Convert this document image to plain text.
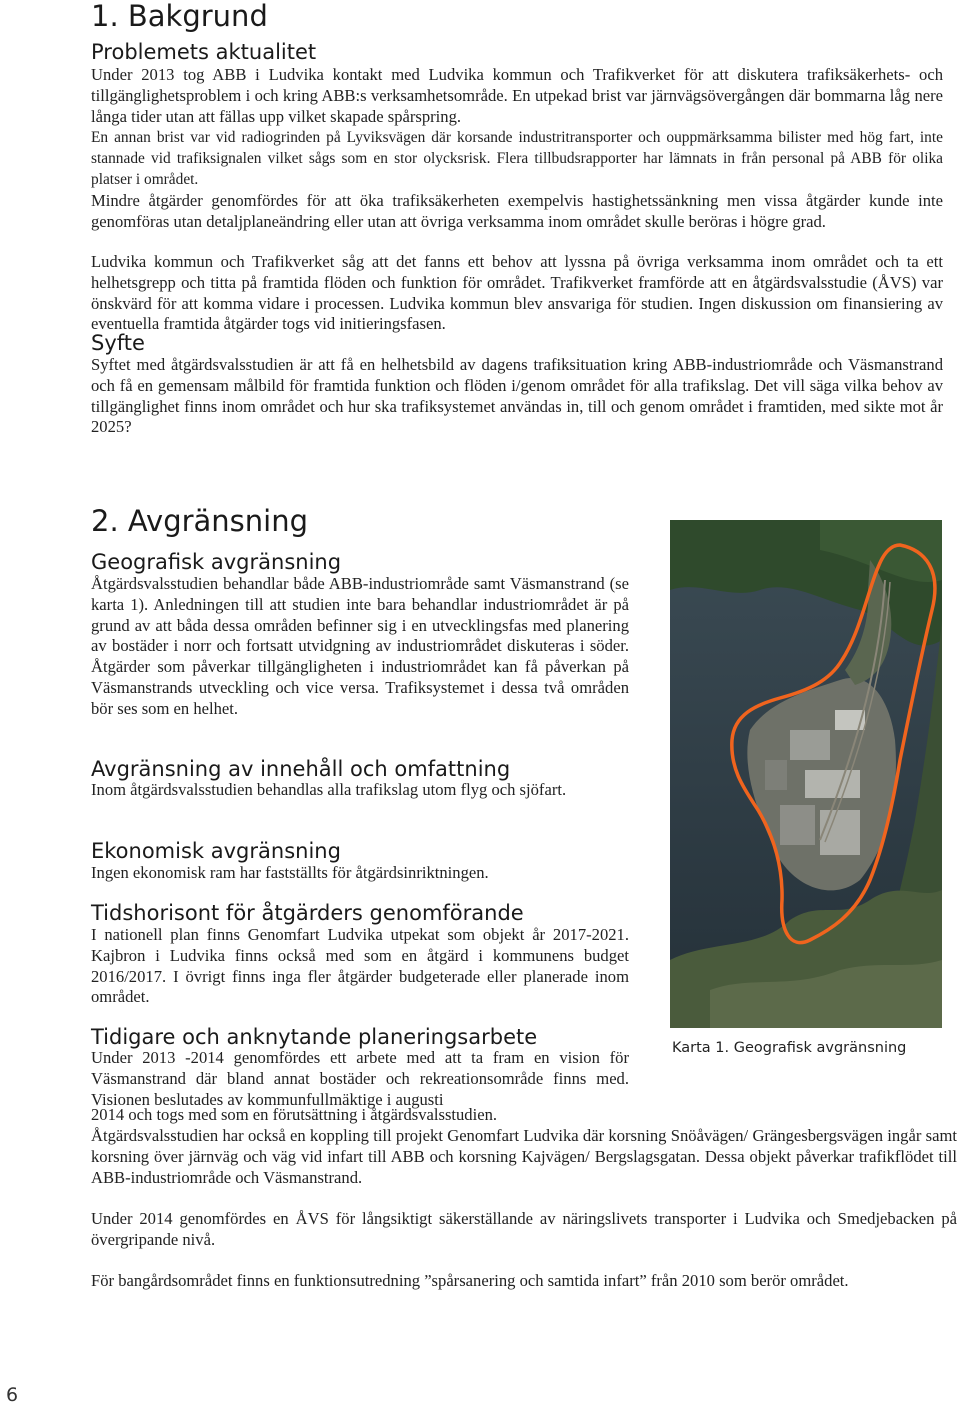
1. Bakgrund
Problemets aktualitet

Under 2013 tog ABB i Ludvika kontakt med Ludvika kommun och Trafikverket för att diskutera trafiksäkerhets- och tillgänglighetsproblem i och kring ABB:s verksamhetsområde. En utpekad brist var järnvägsövergången där bommarna låg nere långa tider utan att fällas upp vilket skapade spårspring.

En annan brist var vid radiogrinden på Lyviksvägen där korsande industritransporter och ouppmärksamma bilister med hög fart, inte stannade vid trafiksignalen vilket sågs som en stor olycksrisk. Flera tillbudsrapporter har lämnats in från personal på ABB för olika platser i området.

Mindre åtgärder genomfördes för att öka trafiksäkerheten exempelvis hastighetssänkning men vissa åtgärder kunde inte genomföras utan detaljplaneändring eller utan att övriga verksamma inom området skulle beröras i högre grad.

Ludvika kommun och Trafikverket såg att det fanns ett behov att lyssna på övriga verksamma inom området och ta ett helhetsgrepp och titta på framtida flöden och funktion för området. Trafikverket framförde att en åtgärdsvalsstudie (ÅVS) var önskvärd för att komma vidare i processen. Ludvika kommun blev ansvariga för studien. Ingen diskussion om finansiering av eventuella framtida åtgärder togs vid initieringsfasen.

Syfte

Syftet med åtgärdsvalsstudien är att få en helhetsbild av dagens trafiksituation kring ABB-industriområde och Väsmanstrand och få en gemensam målbild för framtida funktion och flöden i/genom området för alla trafikslag. Det vill säga vilka behov av tillgänglighet finns inom området och hur ska trafiksystemet användas in, till och genom området i framtiden, med sikte mot år 2025?

2. Avgränsning
Geografisk avgränsning

Åtgärdsvalsstudien behandlar både ABB-industriområde samt Väsmanstrand (se karta 1). Anledningen till att studien inte bara behandlar industriområdet är på grund av att båda dessa områden befinner sig i en utvecklingsfas med planering av bostäder i norr och fortsatt utvidgning av industriområdet diskuteras i söder. Åtgärder som påverkar tillgängligheten i industriområdet kan få påverkan på Väsmanstrands utveckling och vice versa. Trafiksystemet i dessa två områden bör ses som en helhet.

Avgränsning av innehåll och omfattning

Inom åtgärdsvalsstudien behandlas alla trafikslag utom flyg och sjöfart.

Ekonomisk avgränsning

Ingen ekonomisk ram har fastställts för åtgärdsinriktningen.

Tidshorisont för åtgärders genomförande

I nationell plan finns Genomfart Ludvika utpekat som objekt år 2017-2021. Kajbron i Ludvika finns också med som en åtgärd i kommunens budget 2016/2017. I övrigt finns inga fler åtgärder budgeterade eller planerade inom området.

Tidigare och anknytande planeringsarbete

Under 2013 -2014 genomfördes ett arbete med att ta fram en vision för Väsmanstrand där bland annat bostäder och rekreationsområde finns med. Visionen beslutades av kommunfullmäktige i augusti

2014 och togs med som en förutsättning i åtgärdsvalsstudien.

Åtgärdsvalsstudien har också en koppling till projekt Genomfart Ludvika där korsning Snöåvägen/ Grängesbergsvägen ingår samt korsning över järnväg och väg vid infart till ABB och korsning Kajvägen/ Bergslagsgatan. Dessa objekt påverkar trafikflödet till ABB-industriområde och Väsmanstrand.

Under 2014 genomfördes en ÅVS för långsiktigt säkerställande av näringslivets transporter i Ludvika och Smedjebacken på övergripande nivå.

För bangårdsområdet finns en funktionsutredning ”spårsanering och samtida infart” från 2010 som berör området.

Karta 1. Geografisk avgränsning

6
